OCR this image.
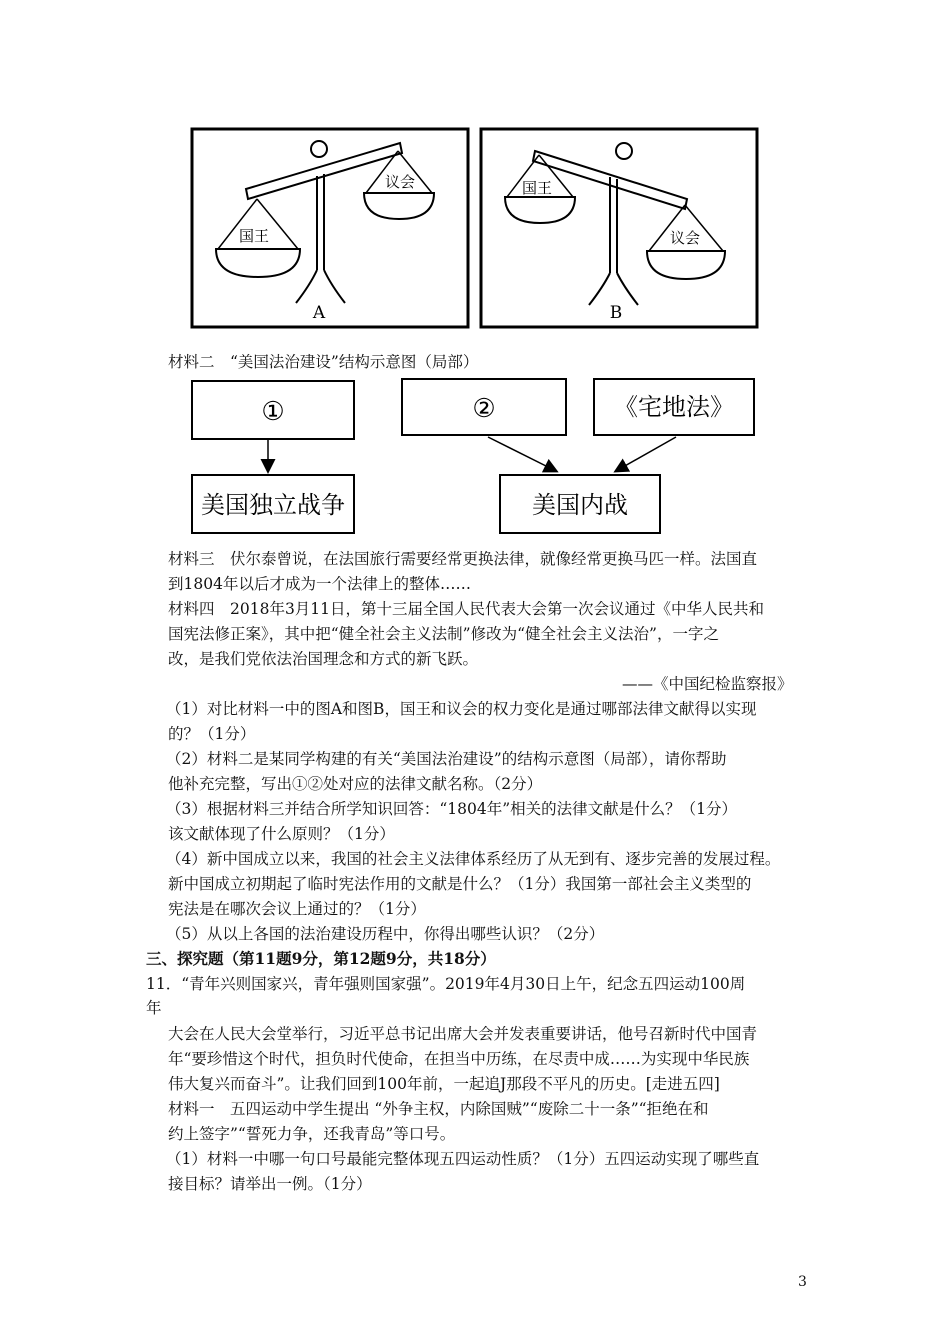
国王
议会
A
国王
议会
B
材料二　“美国法治建设”结构示意图（局部）
①	②	《宅地法》
美国独立战争	美国内战
材料三　伏尔泰曾说，在法国旅行需要经常更换法律，就像经常更换马匹一样。法国直
到1804年以后才成为一个法律上的整体……
材料四　2018年3月11日，第十三届全国人民代表大会第一次会议通过《中华人民共和
国宪法修正案》，其中把“健全社会主义法制”修改为“健全社会主义法治”，一字之
改，是我们党依法治国理念和方式的新飞跃。
——《中国纪检监察报》
（1）对比材料一中的图A和图B，国王和议会的权力变化是通过哪部法律文献得以实现
的？（1分）
（2）材料二是某同学构建的有关“美国法治建设”的结构示意图（局部），请你帮助
他补充完整，写出①②处对应的法律文献名称。（2分）
（3）根据材料三并结合所学知识回答：“1804年”相关的法律文献是什么？（1分）
该文献体现了什么原则？（1分）
（4）新中国成立以来，我国的社会主义法律体系经历了从无到有、逐步完善的发展过程。
新中国成立初期起了临时宪法作用的文献是什么？（1分）我国第一部社会主义类型的
宪法是在哪次会议上通过的？（1分）
（5）从以上各国的法治建设历程中，你得出哪些认识？（2分）
三、探究题（第11题9分，第12题9分，共18分）
11．“青年兴则国家兴，青年强则国家强”。2019年4月30日上午，纪念五四运动100周
年
大会在人民大会堂举行，习近平总书记出席大会并发表重要讲话，他号召新时代中国青
年“要珍惜这个时代，担负时代使命，在担当中历练，在尽责中成……为实现中华民族
伟大复兴而奋斗”。让我们回到100年前，一起追J那段不平凡的历史。[走进五四]
材料一　五四运动中学生提出 “外争主权，内除国贼”“废除二十一条”“拒绝在和
约上签字”“誓死力争，还我青岛”等口号。
（1）材料一中哪一句口号最能完整体现五四运动性质？（1分）五四运动实现了哪些直
接目标？请举出一例。（1分）
3
